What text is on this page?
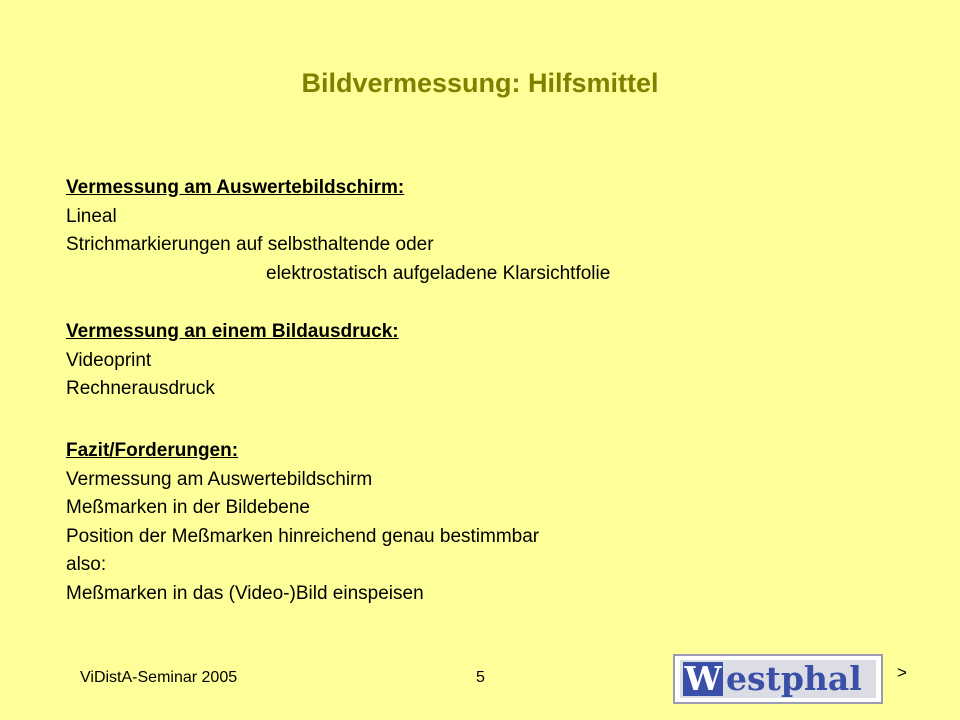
Bildvermessung: Hilfsmittel
Vermessung am Auswertebildschirm:
Lineal
Strichmarkierungen auf selbsthaltende oder
elektrostatisch aufgeladene Klarsichtfolie
Vermessung an einem Bildausdruck:
Videoprint
Rechnerausdruck
Fazit/Forderungen:
Vermessung am Auswertebildschirm
Meßmarken in der Bildebene
Position der Meßmarken hinreichend genau bestimmbar
also:
Meßmarken in das (Video-)Bild einspeisen
ViDistA-Seminar 2005	5	W estphal >
